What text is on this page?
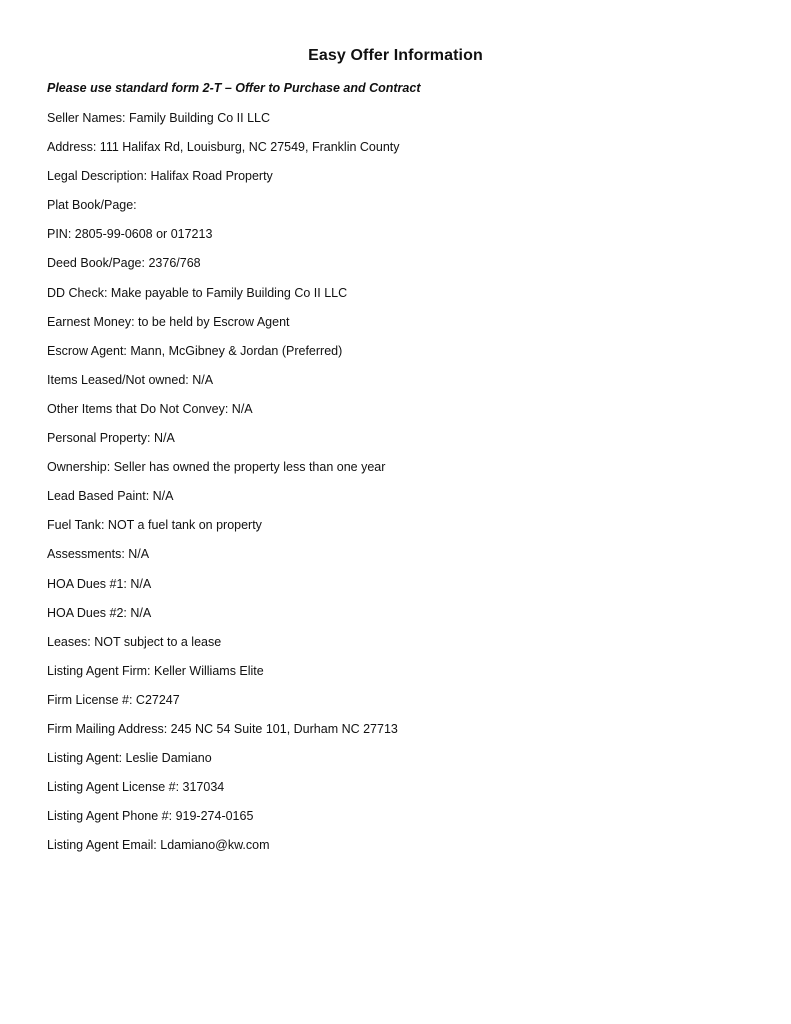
Easy Offer Information
Please use standard form 2-T – Offer to Purchase and Contract
Seller Names: Family Building Co II LLC
Address: 111 Halifax Rd, Louisburg, NC 27549, Franklin County
Legal Description: Halifax Road Property
Plat Book/Page:
PIN: 2805-99-0608 or 017213
Deed Book/Page: 2376/768
DD Check: Make payable to Family Building Co II LLC
Earnest Money: to be held by Escrow Agent
Escrow Agent: Mann, McGibney & Jordan (Preferred)
Items Leased/Not owned: N/A
Other Items that Do Not Convey: N/A
Personal Property: N/A
Ownership: Seller has owned the property less than one year
Lead Based Paint: N/A
Fuel Tank: NOT a fuel tank on property
Assessments: N/A
HOA Dues #1: N/A
HOA Dues #2: N/A
Leases: NOT subject to a lease
Listing Agent Firm: Keller Williams Elite
Firm License #: C27247
Firm Mailing Address: 245 NC 54 Suite 101, Durham NC 27713
Listing Agent: Leslie Damiano
Listing Agent License #: 317034
Listing Agent Phone #: 919-274-0165
Listing Agent Email: Ldamiano@kw.com
